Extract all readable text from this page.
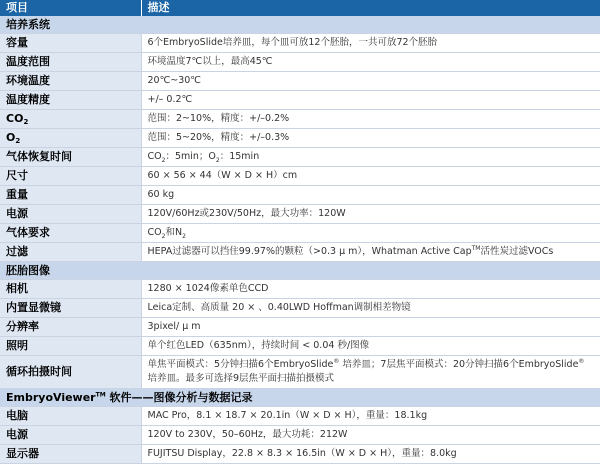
项目	描述
培养系统	
容量	6个EmbryoSlide培养皿，每个皿可放12个胚胎，一共可放72个胚胎
温度范围	环境温度7℃以上，最高45℃
环境温度	20℃~30℃
温度精度	+/– 0.2℃
$CO_2$	范围：2~10%，精度：+/–0.2%
$O_2$	范围：5~20%，精度：+/–0.3%
气体恢复时间	$CO_2$：5min；$O_2$：15min
尺寸	60 × 56 × 44（W × D × H）cm
重量	60 kg
电源	120V/60Hz或230V/50Hz，最大功率：120W
气体要求	$CO_2$和$N_2$
过滤	HEPA过滤器可以挡住99.97%的颗粒（>0.3 μ m），Whatman Active Cap™活性炭过滤VOCs
胚胎图像	
相机	1280 × 1024像素单色CCD
内置显微镜	Leica定制、高质量 20 × 、0.40LWD Hoffman调制相差物镜
分辨率	3pixel/ μ m
照明	单个红色LED（635nm），持续时间 < 0.04 秒/图像
循环拍摄时间	单焦平面模式：5分钟扫描6个EmbryoSlide® 培养皿；7层焦平面模式：20分钟扫描6个EmbryoSlide® 培养皿。最多可选择9层焦平面扫描拍摄模式
EmbryoViewer™ 软件——图像分析与数据记录	
电脑	MAC Pro，8.1 × 18.7 × 20.1in（W × D × H），重量：18.1kg
电源	120V to 230V，50–60Hz，最大功耗：212W
显示器	FUJITSU Display，22.8 × 8.3 × 16.5in（W × D × H），重量：8.0kg
